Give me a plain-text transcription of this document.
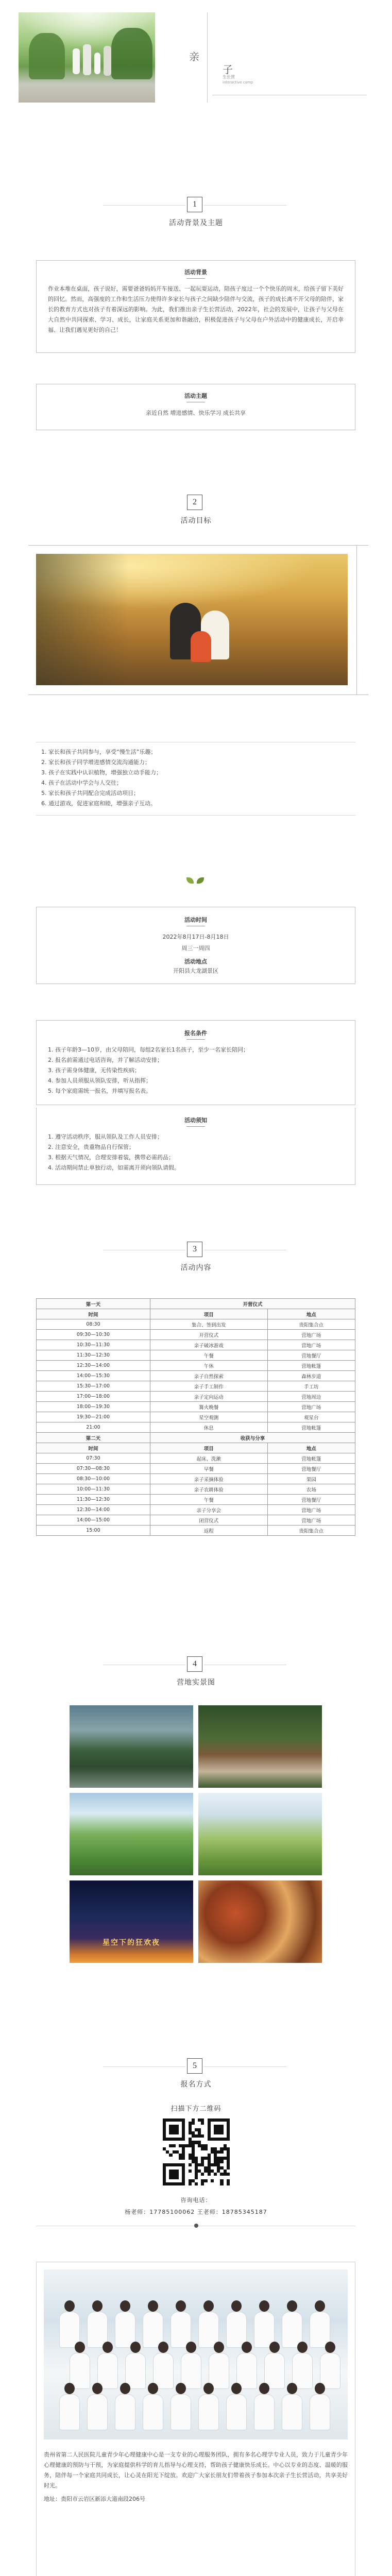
亲
子
生长营
interactive camp
1
活动背景及主题
活动背景
作业本堆在桌面，孩子说好，需要爸爸妈妈开车接送、一起玩耍运动，陪孩子度过一个个快乐的周末，给孩子留下美好的回忆。然而，高强度的工作和生活压力使得许多家长与孩子之间缺少陪伴与交流，孩子的成长离不开父母的陪伴，家长的教育方式也对孩子有着深远的影响。为此，我们推出亲子生长营活动，2022年，社会的发展中，让孩子与父母在大自然中共同探索、学习、成长，让家庭关系更加和谐融洽，积极促进孩子与父母在户外活动中的健康成长，开启幸福、让我们遇见更好的自己！
活动主题
亲近自然 增进感情、快乐学习 成长共享
2
活动目标
1. 家长和孩子共同参与，享受“慢生活”乐趣；
2. 家长和孩子同学增进感情交流沟通能力；
3. 孩子在实践中认识植物，增强独立动手能力；
4. 孩子在活动中学会与人交往；
5. 家长和孩子共同配合完成活动项目；
6. 通过游戏，促进家庭和睦，增强亲子互动。
活动时间
2022年8月17日-8月18日
周三一周四
活动地点
开阳县大龙湖景区
报名条件
1. 孩子年龄3—10岁，由父母陪同，每组2名家长1名孩子，至少一名家长陪同；
2. 报名前需通过电话咨询，并了解活动安排；
3. 孩子需身体健康，无传染性疾病；
4. 参加人员须服从领队安排，听从指挥；
5. 每个家庭需统一报名，并填写报名表。
活动须知
1. 遵守活动秩序，服从领队及工作人员安排；
2. 注意安全，贵重物品自行保管；
3. 根据天气情况，合理安排着装，携带必需药品；
4. 活动期间禁止单独行动，如需离开须向领队请假。
3
活动内容
第一天	开营仪式	
时间	项目	地点
08:30	集合、签到出发	贵阳集合点
09:30—10:30	开营仪式	营地广场
10:30—11:30	亲子破冰游戏	营地广场
11:30—12:30	午餐	营地餐厅
12:30—14:00	午休	营地帐篷
14:00—15:30	亲子自然探索	森林步道
15:30—17:00	亲子手工制作	手工坊
17:00—18:00	亲子定向运动	营地周边
18:00—19:30	篝火晚餐	营地广场
19:30—21:00	星空观测	观星台
21:00	休息	营地帐篷
第二天	收获与分享	
时间	项目	地点
07:30	起床、洗漱	营地帐篷
07:30—08:30	早餐	营地餐厅
08:30—10:00	亲子采摘体验	果园
10:00—11:30	亲子农耕体验	农场
11:30—12:30	午餐	营地餐厅
12:30—14:00	亲子分享会	营地广场
14:00—15:00	闭营仪式	营地广场
15:00	返程	贵阳集合点
4
营地实景图
星空下的狂欢夜
5
报名方式
扫描下方二维码
咨询电话：
杨老师：17785100062 王老师：18785345187
贵州省第二人民医院儿童青少年心理健康中心是一支专业的心理服务团队，拥有多名心理学专业人员，致力于儿童青少年心理健康的预防与干预，为家庭提供科学的育儿指导与心理支持，帮助孩子健康快乐成长。中心以专业的态度、温暖的服务，陪伴每一个家庭共同成长，让心灵在阳光下绽放。欢迎广大家长朋友们带着孩子参加本次亲子生长营活动，共享美好时光。
地址：贵阳市云岩区新添大道南段206号
